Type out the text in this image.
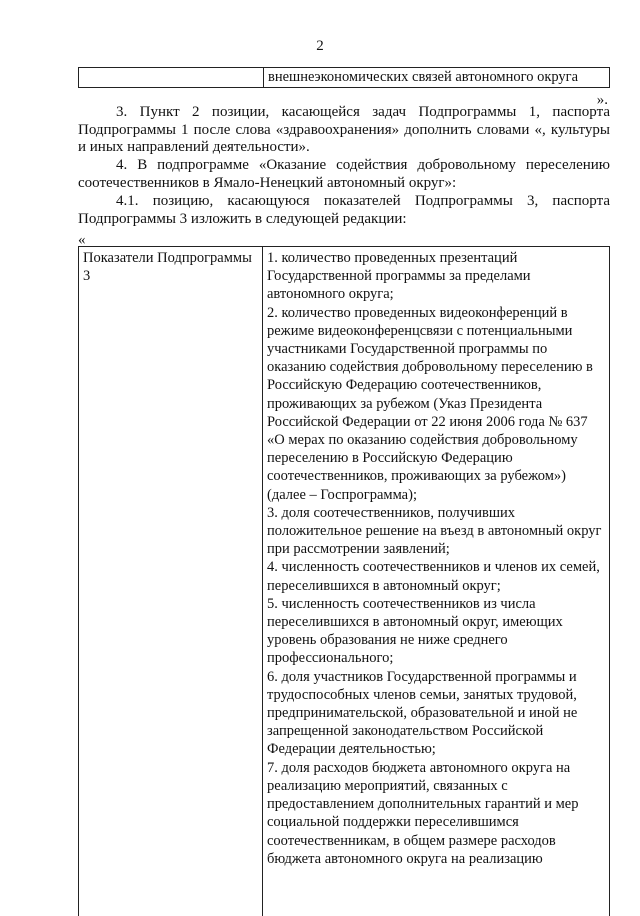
2
внешнеэкономических связей автономного округа
».
3. Пункт 2 позиции, касающейся задач Подпрограммы 1, паспорта Подпрограммы 1 после слова «здравоохранения» дополнить словами «, культуры и иных направлений деятельности».
4. В подпрограмме «Оказание содействия добровольному переселению соотечественников в Ямало-Ненецкий автономный округ»:
4.1. позицию, касающуюся показателей Подпрограммы 3, паспорта Подпрограммы 3 изложить в следующей редакции:
«
Показатели Подпрограммы 3
1. количество проведенных презентаций Государственной программы за пределами автономного округа;
2. количество проведенных видеоконференций в режиме видеоконференцсвязи с потенциальными участниками Государственной программы по оказанию содействия добровольному переселению в Российскую Федерацию соотечественников, проживающих за рубежом (Указ Президента Российской Федерации от 22 июня 2006 года № 637 «О мерах по оказанию содействия добровольному переселению в Российскую Федерацию соотечественников, проживающих за рубежом») (далее – Госпрограмма);
3. доля соотечественников, получивших положительное решение на въезд в автономный округ при рассмотрении заявлений;
4. численность соотечественников и членов их семей, переселившихся в автономный округ;
5. численность соотечественников из числа переселившихся в автономный округ, имеющих уровень образования не ниже среднего профессионального;
6. доля участников Государственной программы и трудоспособных членов семьи, занятых трудовой, предпринимательской, образовательной и иной не запрещенной законодательством Российской Федерации деятельностью;
7. доля расходов бюджета автономного округа на реализацию мероприятий, связанных с предоставлением дополнительных гарантий и мер социальной поддержки переселившимся соотечественникам, в общем размере расходов бюджета автономного округа на реализацию
